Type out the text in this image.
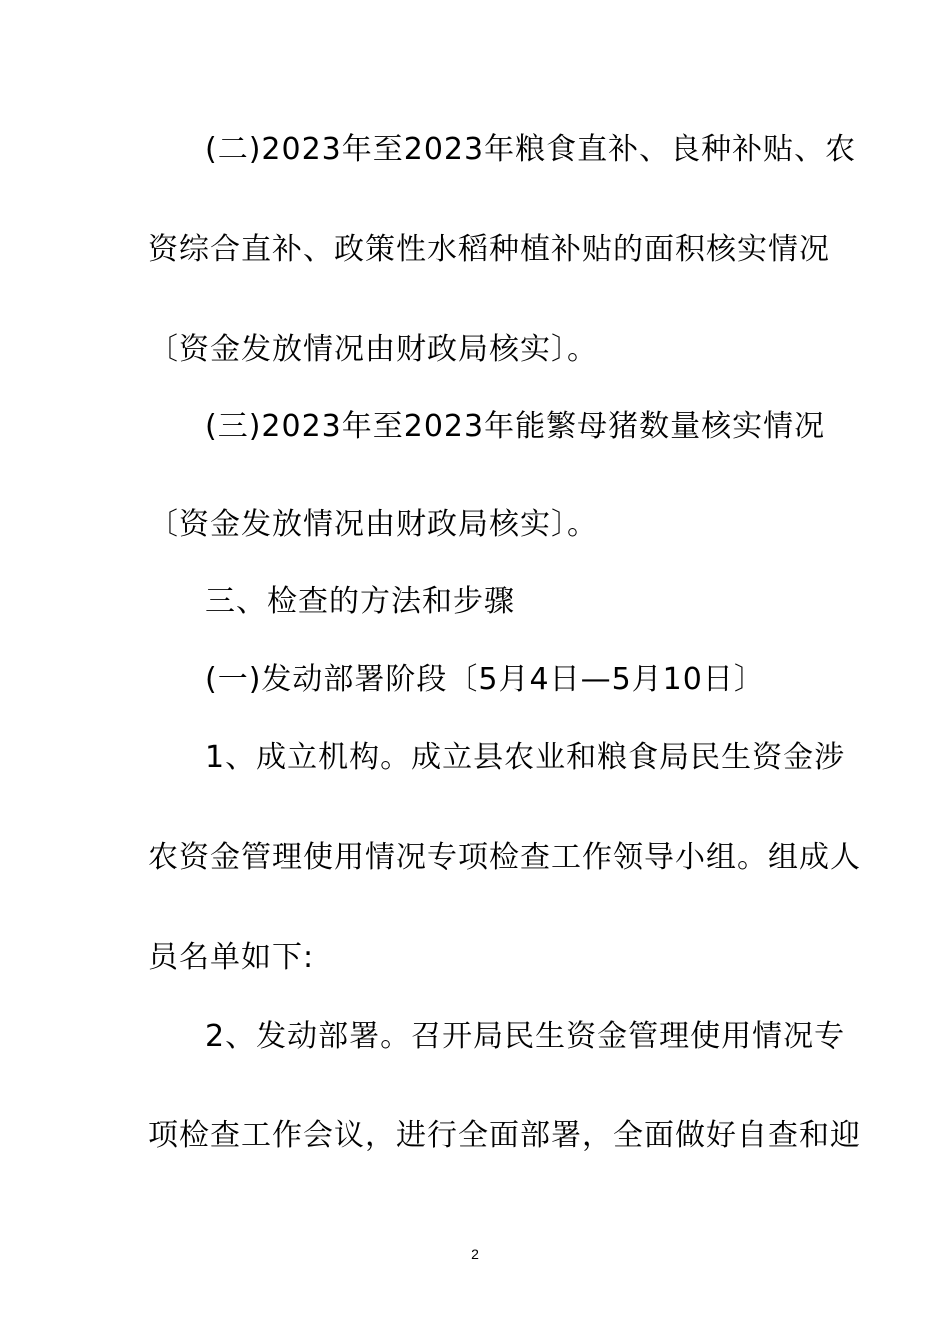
(二)2023年至2023年粮食直补、良种补贴、农
资综合直补、政策性水稻种植补贴的面积核实情况
〔资金发放情况由财政局核实〕。
(三)2023年至2023年能繁母猪数量核实情况
〔资金发放情况由财政局核实〕。
三、检查的方法和步骤
(一)发动部署阶段〔5月4日—5月10日〕
1、成立机构。成立县农业和粮食局民生资金涉
农资金管理使用情况专项检查工作领导小组。组成人
员名单如下:
2、发动部署。召开局民生资金管理使用情况专
项检查工作会议，进行全面部署，全面做好自查和迎
2
